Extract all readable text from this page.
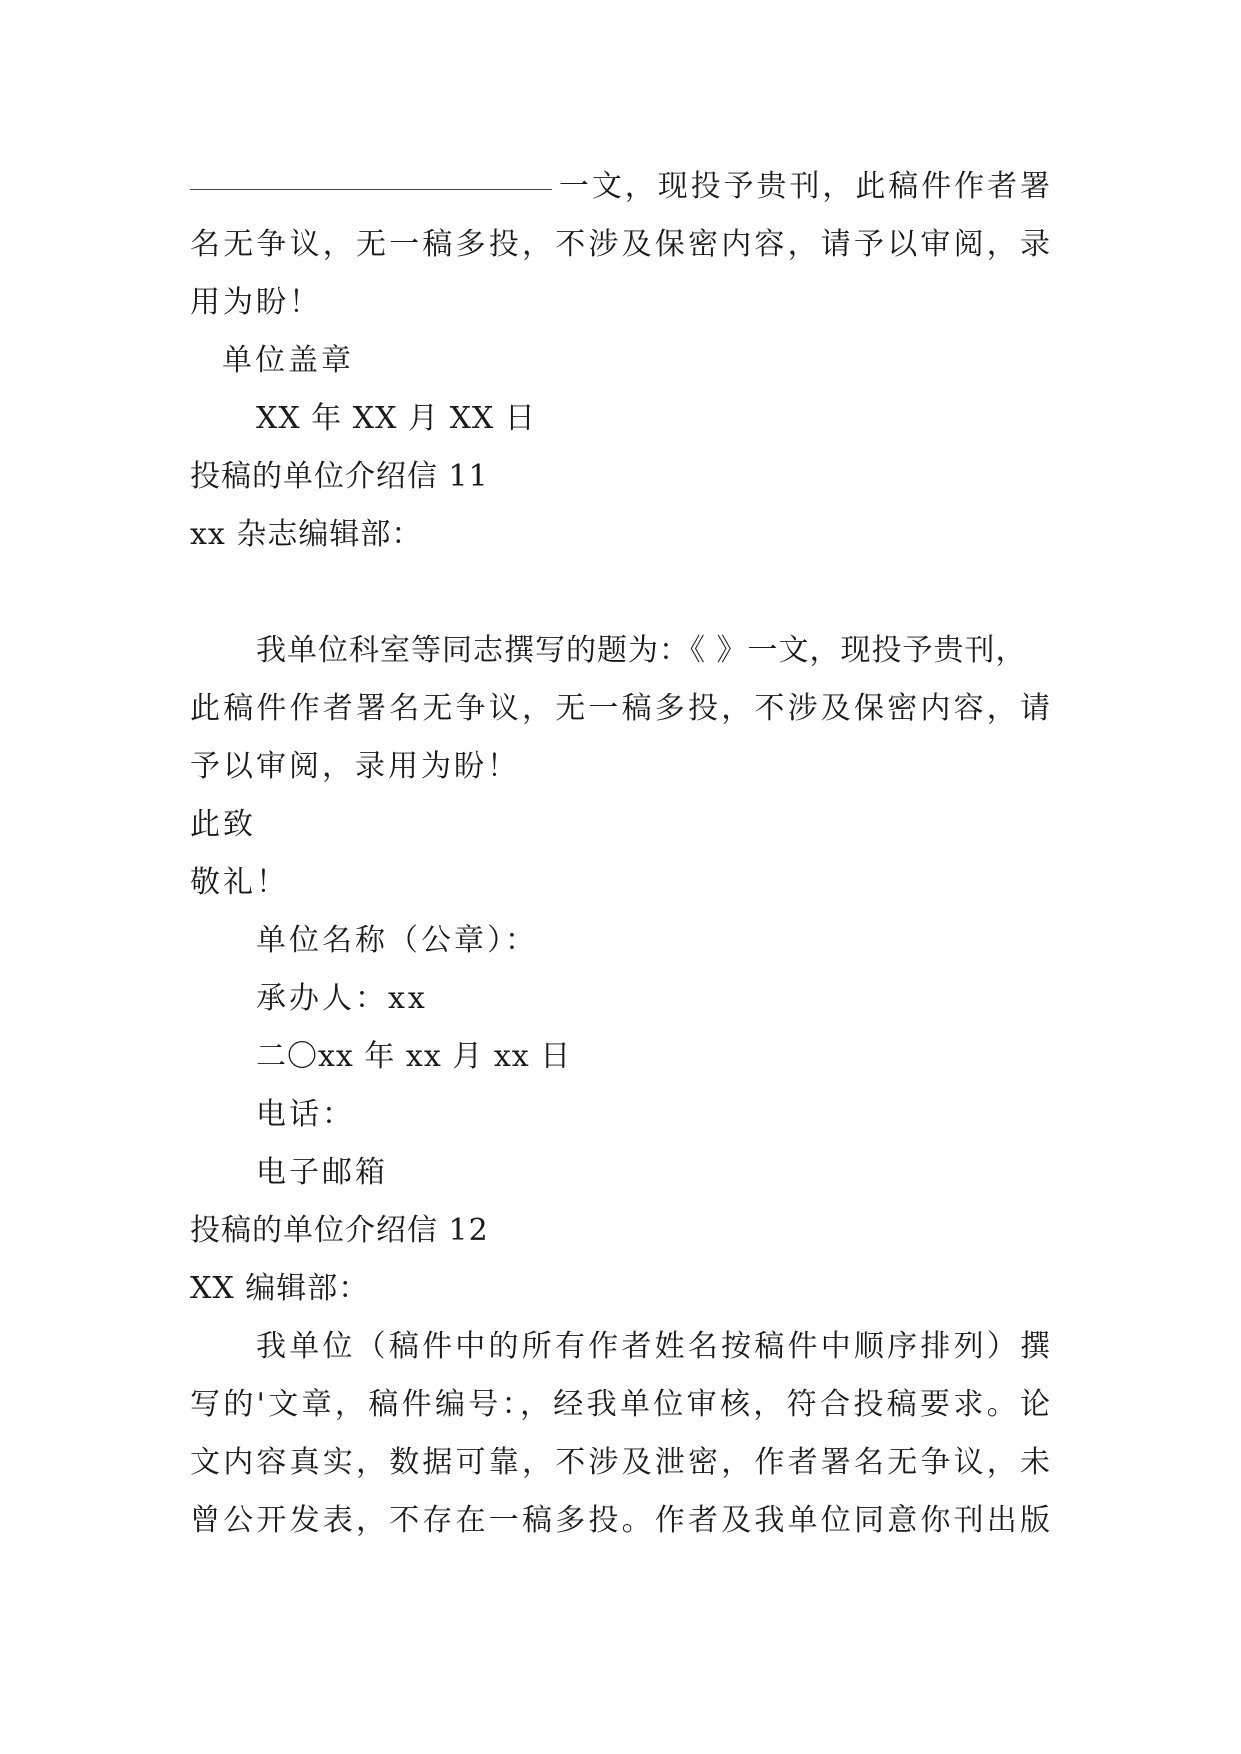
一文，现投予贵刊，此稿件作者署
名无争议，无一稿多投，不涉及保密内容，请予以审阅，录
用为盼！
单位盖章
XX 年 XX 月 XX 日
投稿的单位介绍信 11
xx 杂志编辑部：
我单位科室等同志撰写的题为：《 》一文，现投予贵刊，
此稿件作者署名无争议，无一稿多投，不涉及保密内容，请
予以审阅，录用为盼！
此致
敬礼！
单位名称（公章）：
承办人：xx
二〇xx 年 xx 月 xx 日
电话：
电子邮箱
投稿的单位介绍信 12
XX 编辑部：
我单位（稿件中的所有作者姓名按稿件中顺序排列）撰
写的'文章，稿件编号：，经我单位审核，符合投稿要求。论
文内容真实，数据可靠，不涉及泄密，作者署名无争议，未
曾公开发表，不存在一稿多投。作者及我单位同意你刊出版
